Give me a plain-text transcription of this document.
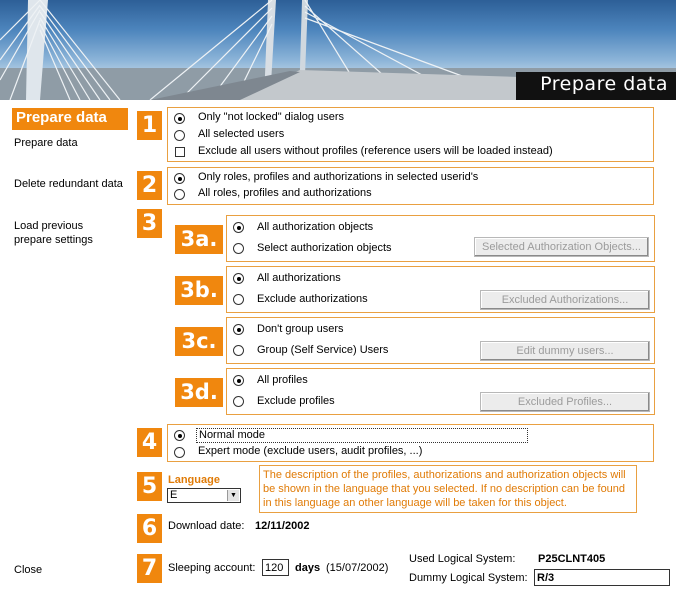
Prepare data
Prepare data
Prepare data
Delete redundant data
Load previous prepare settings
Close
1	Only "not locked" dialog users
All selected users
Exclude all users without profiles (reference users will be loaded instead)
2	Only roles, profiles and authorizations in selected userid's
All roles, profiles and authorizations
3
3a.	All authorization objects
Select authorization objects	Selected Authorization Objects...
3b.	All authorizations
Exclude authorizations	Excluded Authorizations...
3c.	Don't group users
Group (Self Service) Users	Edit dummy users...
3d.	All profiles
Exclude profiles	Excluded Profiles...
4	Normal mode
Expert mode (exclude users, audit profiles, ...)
5 Language
E	▼
The description of the profiles, authorizations and authorization objects will be shown in the language that you selected. If no description can be found in this language an other language will be taken for this object.
6 Download date: 12/11/2002
7 Sleeping account: 120	days (15/07/2002)
Used Logical System: P25CLNT405
Dummy Logical System: R/3
